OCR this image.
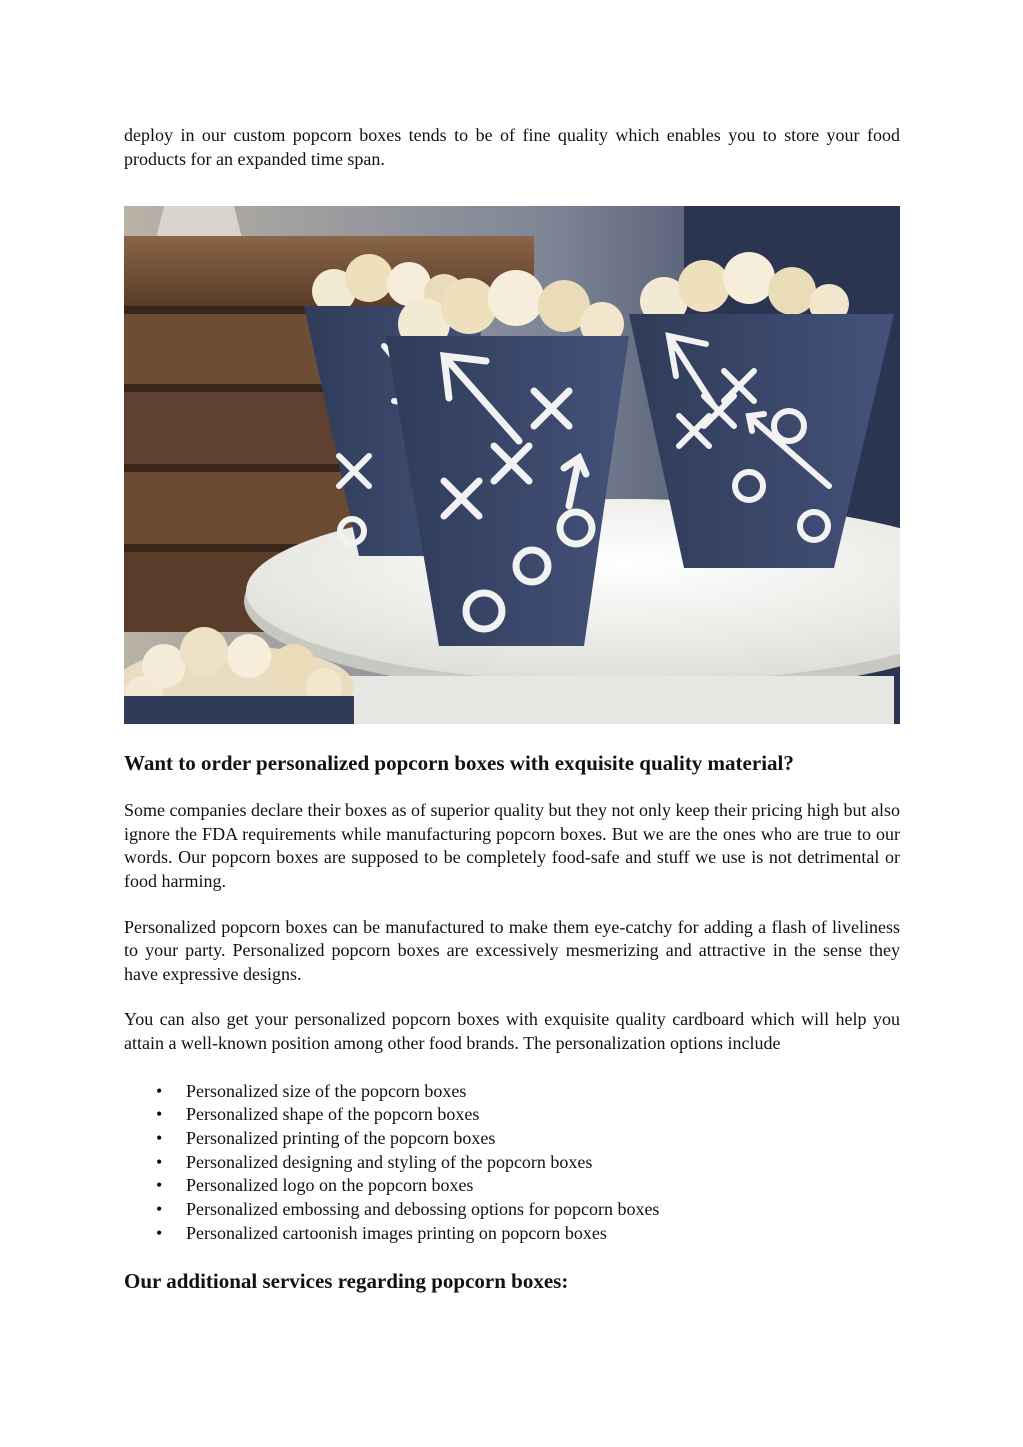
deploy in our custom popcorn boxes tends to be of fine quality which enables you to store your food products for an expanded time span.

Want to order personalized popcorn boxes with exquisite quality material?

Some companies declare their boxes as of superior quality but they not only keep their pricing high but also ignore the FDA requirements while manufacturing popcorn boxes. But we are the ones who are true to our words. Our popcorn boxes are supposed to be completely food-safe and stuff we use is not detrimental or food harming.

Personalized popcorn boxes can be manufactured to make them eye-catchy for adding a flash of liveliness to your party. Personalized popcorn boxes are excessively mesmerizing and attractive in the sense they have expressive designs.

You can also get your personalized popcorn boxes with exquisite quality cardboard which will help you attain a well-known position among other food brands. The personalization options include

• Personalized size of the popcorn boxes
• Personalized shape of the popcorn boxes
• Personalized printing of the popcorn boxes
• Personalized designing and styling of the popcorn boxes
• Personalized logo on the popcorn boxes
• Personalized embossing and debossing options for popcorn boxes
• Personalized cartoonish images printing on popcorn boxes
Our additional services regarding popcorn boxes:
